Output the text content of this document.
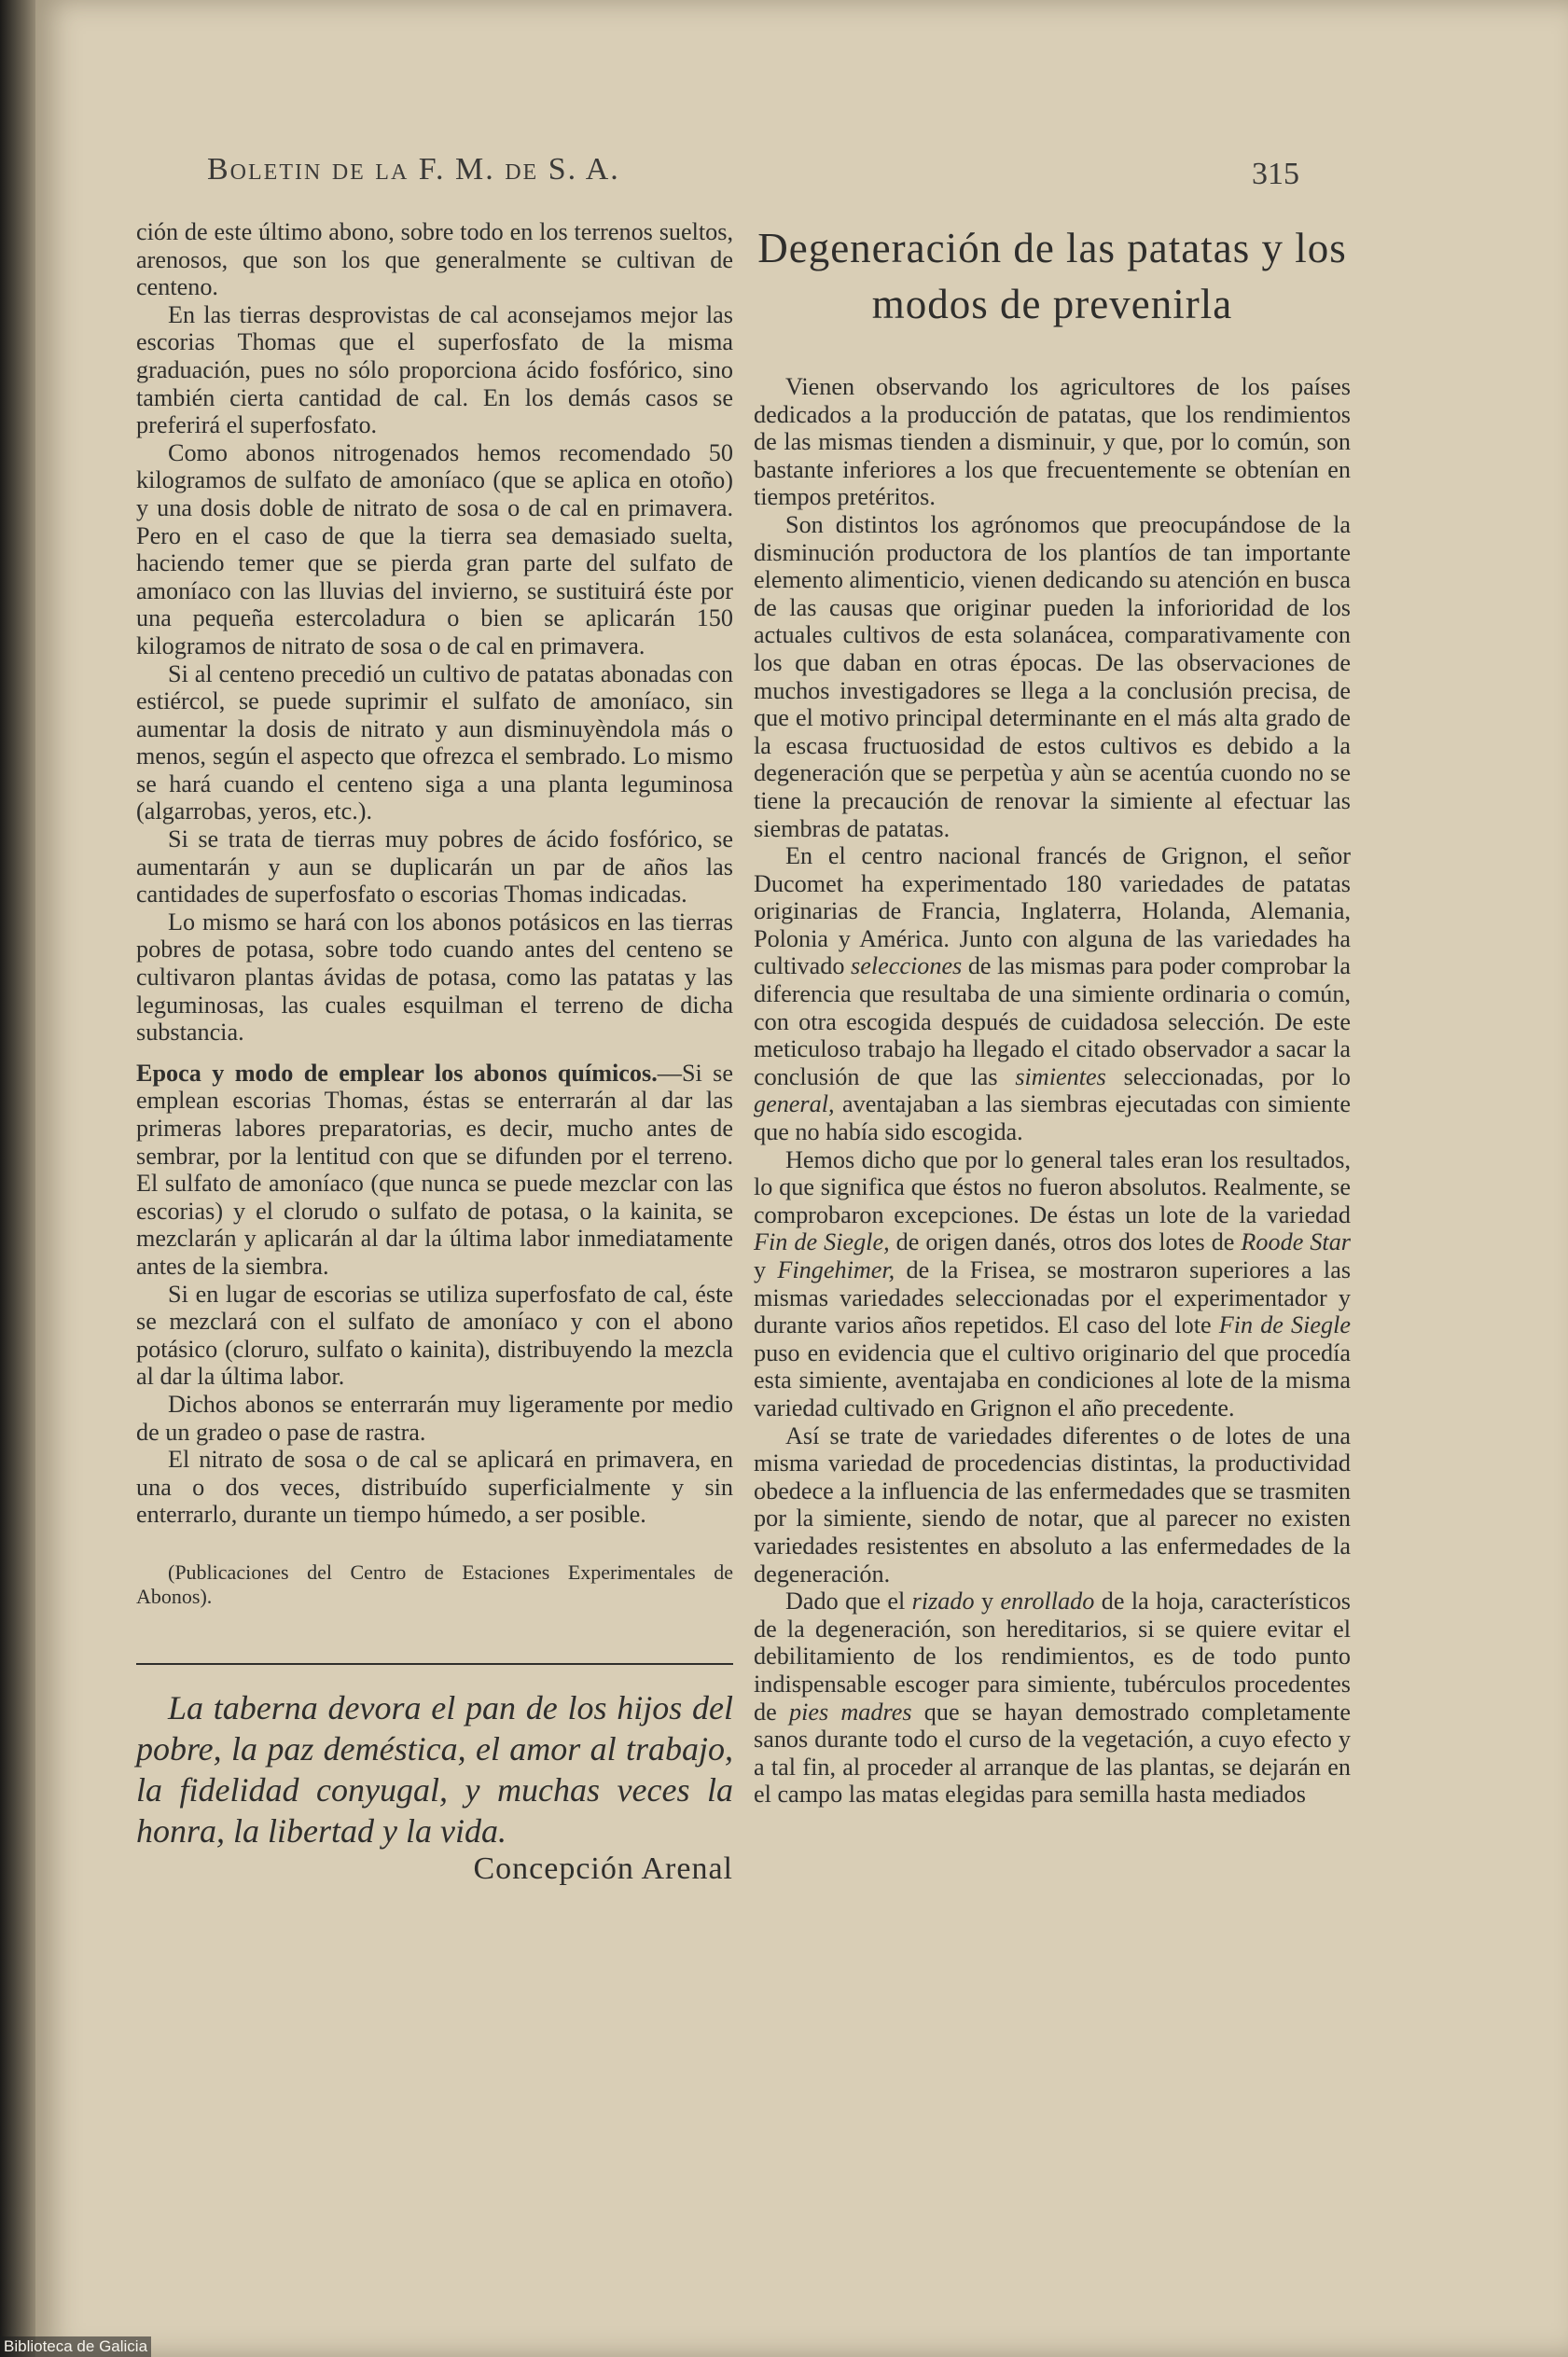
Boletin de la F. M. de S. A.	315

ción de este último abono, sobre todo en los terrenos sueltos, arenosos, que son los que generalmente se cultivan de centeno.

En las tierras desprovistas de cal aconsejamos mejor las escorias Thomas que el superfosfato de la misma graduación, pues no sólo proporciona ácido fosfórico, sino también cierta cantidad de cal. En los demás casos se preferirá el superfosfato.

Como abonos nitrogenados hemos recomendado 50 kilogramos de sulfato de amoníaco (que se aplica en otoño) y una dosis doble de nitrato de sosa o de cal en primavera. Pero en el caso de que la tierra sea demasiado suelta, haciendo temer que se pierda gran parte del sulfato de amoníaco con las lluvias del invierno, se sustituirá éste por una pequeña estercoladura o bien se aplicarán 150 kilogramos de nitrato de sosa o de cal en primavera.

Si al centeno precedió un cultivo de patatas abonadas con estiércol, se puede suprimir el sulfato de amoníaco, sin aumentar la dosis de nitrato y aun disminuyèndola más o menos, según el aspecto que ofrezca el sembrado. Lo mismo se hará cuando el centeno siga a una planta leguminosa (algarrobas, yeros, etc.).

Si se trata de tierras muy pobres de ácido fosfórico, se aumentarán y aun se duplicarán un par de años las cantidades de superfosfato o escorias Thomas indicadas.

Lo mismo se hará con los abonos potásicos en las tierras pobres de potasa, sobre todo cuando antes del centeno se cultivaron plantas ávidas de potasa, como las patatas y las leguminosas, las cuales esquilman el terreno de dicha substancia.

Epoca y modo de emplear los abonos químicos.—Si se emplean escorias Thomas, éstas se enterrarán al dar las primeras labores preparatorias, es decir, mucho antes de sembrar, por la lentitud con que se difunden por el terreno. El sulfato de amoníaco (que nunca se puede mezclar con las escorias) y el clorudo o sulfato de potasa, o la kainita, se mezclarán y aplicarán al dar la última labor inmediatamente antes de la siembra.

Si en lugar de escorias se utiliza superfosfato de cal, éste se mezclará con el sulfato de amoníaco y con el abono potásico (cloruro, sulfato o kainita), distribuyendo la mezcla al dar la última labor.

Dichos abonos se enterrarán muy ligeramente por medio de un gradeo o pase de rastra.

El nitrato de sosa o de cal se aplicará en primavera, en una o dos veces, distribuído superficialmente y sin enterrarlo, durante un tiempo húmedo, a ser posible.

(Publicaciones del Centro de Estaciones Experimentales de Abonos).

La taberna devora el pan de los hijos del pobre, la paz deméstica, el amor al trabajo, la fidelidad conyugal, y muchas veces la honra, la libertad y la vida.

Concepción Arenal
Degeneración de las patatas y los modos de prevenirla

Vienen observando los agricultores de los países dedicados a la producción de patatas, que los rendimientos de las mismas tienden a disminuir, y que, por lo común, son bastante inferiores a los que frecuentemente se obtenían en tiempos pretéritos.

Son distintos los agrónomos que preocupándose de la disminución productora de los plantíos de tan importante elemento alimenticio, vienen dedicando su atención en busca de las causas que originar pueden la inforioridad de los actuales cultivos de esta solanácea, comparativamente con los que daban en otras épocas. De las observaciones de muchos investigadores se llega a la conclusión precisa, de que el motivo principal determinante en el más alta grado de la escasa fructuosidad de estos cultivos es debido a la degeneración que se perpetùa y aùn se acentúa cuondo no se tiene la precaución de renovar la simiente al efectuar las siembras de patatas.

En el centro nacional francés de Grignon, el señor Ducomet ha experimentado 180 variedades de patatas originarias de Francia, Inglaterra, Holanda, Alemania, Polonia y América. Junto con alguna de las variedades ha cultivado selecciones de las mismas para poder comprobar la diferencia que resultaba de una simiente ordinaria o común, con otra escogida después de cuidadosa selección. De este meticuloso trabajo ha llegado el citado observador a sacar la conclusión de que las simientes seleccionadas, por lo general, aventajaban a las siembras ejecutadas con simiente que no había sido escogida.

Hemos dicho que por lo general tales eran los resultados, lo que significa que éstos no fueron absolutos. Realmente, se comprobaron excepciones. De éstas un lote de la variedad Fin de Siegle, de origen danés, otros dos lotes de Roode Star y Fingehimer, de la Frisea, se mostraron superiores a las mismas variedades seleccionadas por el experimentador y durante varios años repetidos. El caso del lote Fin de Siegle puso en evidencia que el cultivo originario del que procedía esta simiente, aventajaba en condiciones al lote de la misma variedad cultivado en Grignon el año precedente.

Así se trate de variedades diferentes o de lotes de una misma variedad de procedencias distintas, la productividad obedece a la influencia de las enfermedades que se trasmiten por la simiente, siendo de notar, que al parecer no existen variedades resistentes en absoluto a las enfermedades de la degeneración.

Dado que el rizado y enrollado de la hoja, característicos de la degeneración, son hereditarios, si se quiere evitar el debilitamiento de los rendimientos, es de todo punto indispensable escoger para simiente, tubérculos procedentes de pies madres que se hayan demostrado completamente sanos durante todo el curso de la vegetación, a cuyo efecto y a tal fin, al proceder al arranque de las plantas, se dejarán en el campo las matas elegidas para semilla hasta mediados

Biblioteca de Galicia
